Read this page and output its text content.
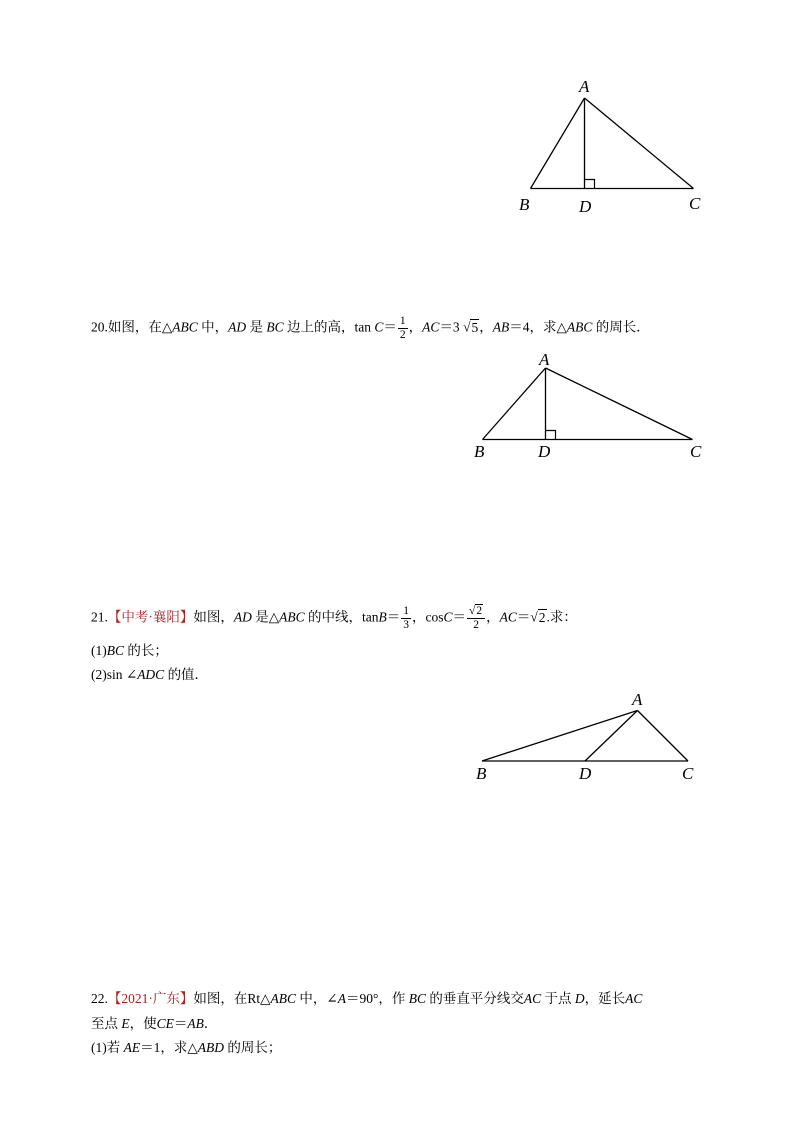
A
B	D	C
20.如图，在△ABC 中，AD 是 BC 边上的高，$\tan C= \frac{1}{2}$ ，AC＝3 √5，AB＝4，求△ABC 的周长．
A
B	D	C
21.【中考·襄阳】如图，AD 是△ABC 的中线，$\tan B= \frac{1}{3}$ ，$\cos C= \frac{√2}{2}$ ，AC＝√2.求：
(1)BC 的长；
(2)sin ∠ADC 的值．
A
B	D	C
22.【2021·广东】如图，在Rt△ABC 中，∠A＝90°，作 BC 的垂直平分线交AC 于点 D，延长AC
至点 E，使CE＝AB．
(1)若 AE＝1，求△ABD 的周长；
